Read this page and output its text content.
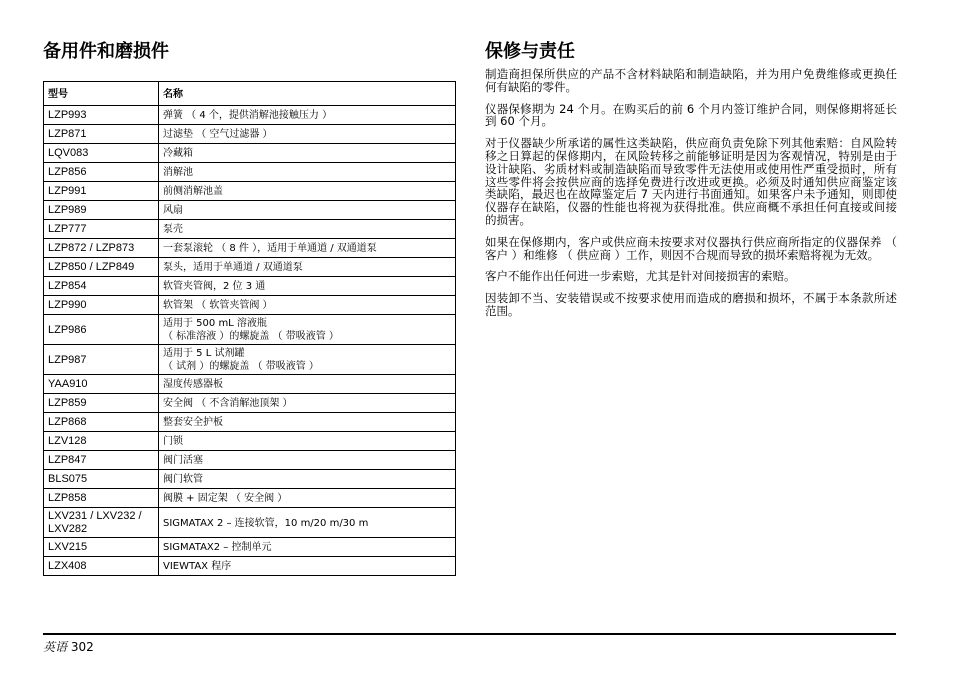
备用件和磨损件
型号	名称
LZP993	弹簧 （ 4 个，提供消解池接触压力 ）
LZP871	过滤垫 （ 空气过滤器 ）
LQV083	冷藏箱
LZP856	消解池
LZP991	前侧消解池盖
LZP989	风扇
LZP777	泵壳
LZP872 / LZP873	一套泵滚轮 （ 8 件 ），适用于单通道 / 双通道泵
LZP850 / LZP849	泵头，适用于单通道 / 双通道泵
LZP854	软管夹管阀，2 位 3 通
LZP990	软管架 （ 软管夹管阀 ）
LZP986	适用于 500 mL 溶液瓶
（ 标准溶液 ）的螺旋盖 （ 带吸液管 ）
LZP987	适用于 5 L 试剂罐
（ 试剂 ）的螺旋盖 （ 带吸液管 ）
YAA910	湿度传感器板
LZP859	安全阀 （ 不含消解池顶架 ）
LZP868	整套安全护板
LZV128	门锁
LZP847	阀门活塞
BLS075	阀门软管
LZP858	阀膜 + 固定架 （ 安全阀 ）
LXV231 / LXV232 /
LXV282	SIGMATAX 2 – 连接软管，10 m/20 m/30 m
LXV215	SIGMATAX2 – 控制单元
LZX408	VIEWTAX 程序
保修与责任

制造商担保所供应的产品不含材料缺陷和制造缺陷，并为用户免费维修或更换任何有缺陷的零件。

仪器保修期为 24 个月。在购买后的前 6 个月内签订维护合同，则保修期将延长到 60 个月。

对于仪器缺少所承诺的属性这类缺陷，供应商负责免除下列其他索赔：自风险转移之日算起的保修期内，在风险转移之前能够证明是因为客观情况，特别是由于设计缺陷、劣质材料或制造缺陷而导致零件无法使用或使用性严重受损时，所有这些零件将会按供应商的选择免费进行改进或更换。必须及时通知供应商鉴定该类缺陷，最迟也在故障鉴定后 7 天内进行书面通知。如果客户未予通知，则即使仪器存在缺陷，仪器的性能也将视为获得批准。供应商概不承担任何直接或间接的损害。

如果在保修期内，客户或供应商未按要求对仪器执行供应商所指定的仪器保养 （ 客户 ）和维修 （ 供应商 ）工作，则因不合规而导致的损坏索赔将视为无效。

客户不能作出任何进一步索赔，尤其是针对间接损害的索赔。

因装卸不当、安装错误或不按要求使用而造成的磨损和损坏，不属于本条款所述范围。

英语 302
